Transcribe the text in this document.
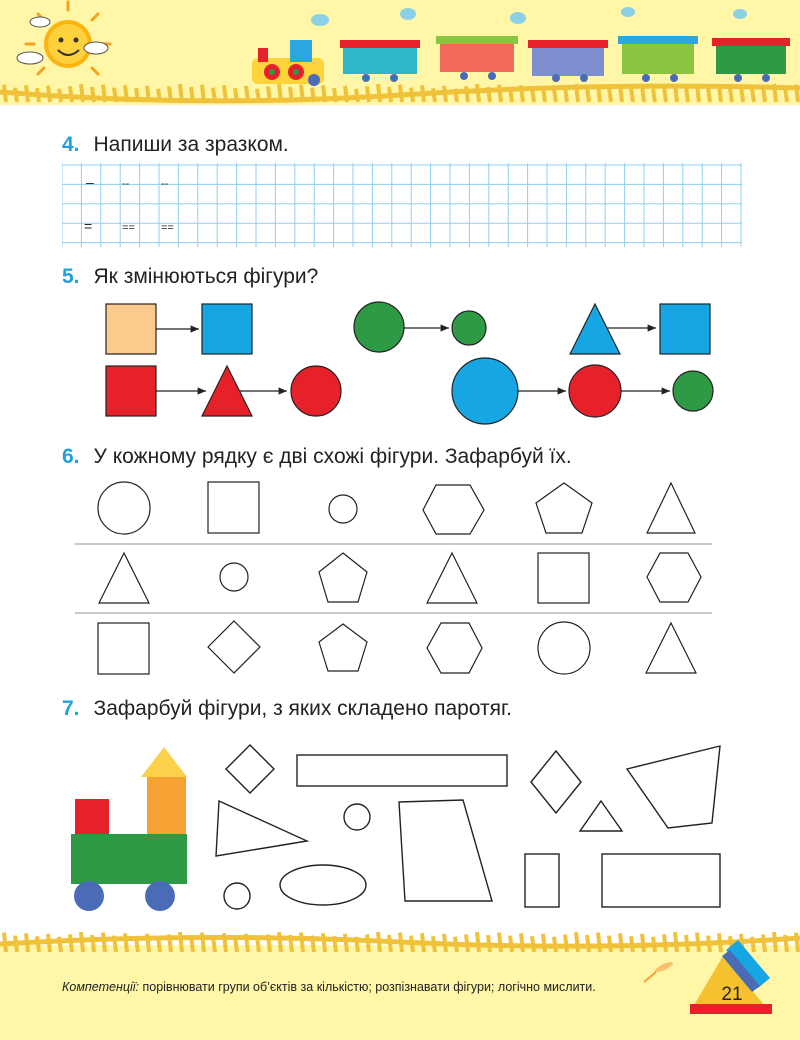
4. Напиши за зразком.
–	--	--
=	== ==
5. Як змінюються фігури?
6. У кожному рядку є дві схожі фігури. Зафарбуй їх.
7. Зафарбуй фігури, з яких складено паротяг.
Компетенції: порівнювати групи об’єктів за кількістю; розпізнавати фігури; логічно мислити.	21
